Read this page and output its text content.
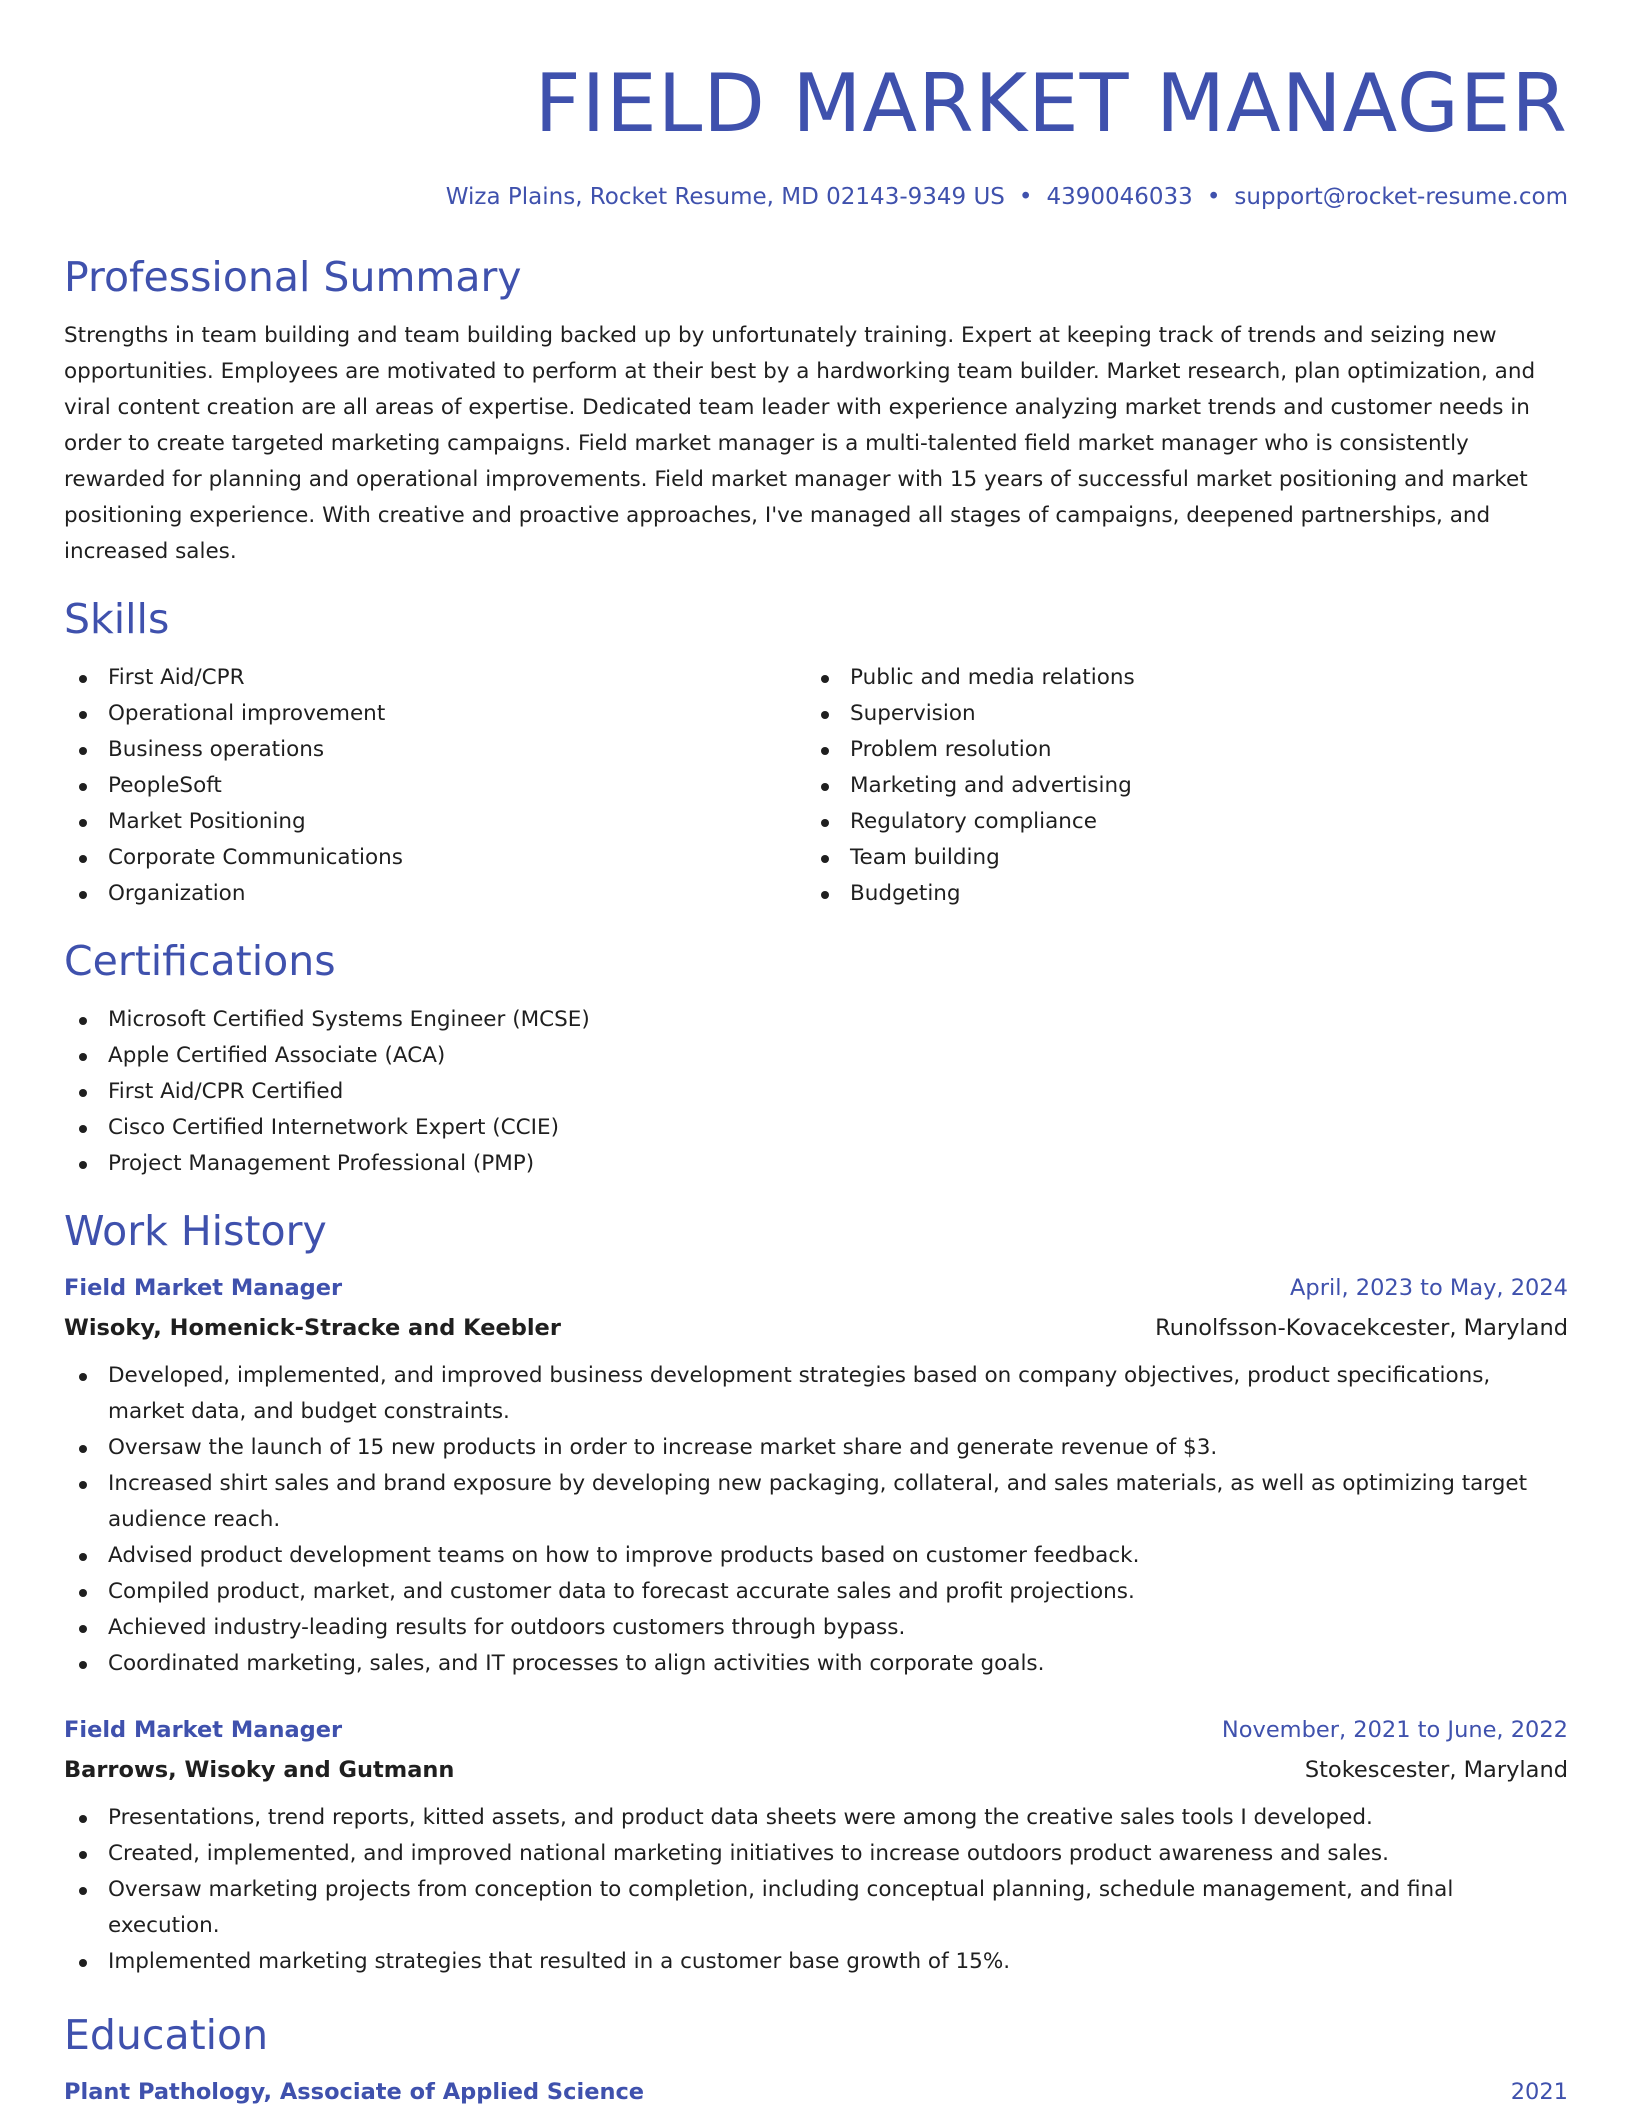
FIELD MARKET MANAGER
Wiza Plains, Rocket Resume, MD 02143-9349 US • 4390046033 • support@rocket-resume.com
Professional Summary

Strengths in team building and team building backed up by unfortunately training. Expert at keeping track of trends and seizing new opportunities. Employees are motivated to perform at their best by a hardworking team builder. Market research, plan optimization, and viral content creation are all areas of expertise. Dedicated team leader with experience analyzing market trends and customer needs in order to create targeted marketing campaigns. Field market manager is a multi-talented field market manager who is consistently rewarded for planning and operational improvements. Field market manager with 15 years of successful market positioning and market positioning experience. With creative and proactive approaches, I've managed all stages of campaigns, deepened partnerships, and increased sales.

Skills
First Aid/CPR
Operational improvement
Business operations
PeopleSoft
Market Positioning
Corporate Communications
Organization
Public and media relations
Supervision
Problem resolution
Marketing and advertising
Regulatory compliance
Team building
Budgeting
Certifications
Microsoft Certified Systems Engineer (MCSE)
Apple Certified Associate (ACA)
First Aid/CPR Certified
Cisco Certified Internetwork Expert (CCIE)
Project Management Professional (PMP)
Work History
Field Market Manager	April, 2023 to May, 2024
Wisoky, Homenick-Stracke and Keebler	Runolfsson-Kovacekcester, Maryland
Developed, implemented, and improved business development strategies based on company objectives, product specifications, market data, and budget constraints.
Oversaw the launch of 15 new products in order to increase market share and generate revenue of $3.
Increased shirt sales and brand exposure by developing new packaging, collateral, and sales materials, as well as optimizing target audience reach.
Advised product development teams on how to improve products based on customer feedback.
Compiled product, market, and customer data to forecast accurate sales and profit projections.
Achieved industry-leading results for outdoors customers through bypass.
Coordinated marketing, sales, and IT processes to align activities with corporate goals.
Field Market Manager	November, 2021 to June, 2022
Barrows, Wisoky and Gutmann	Stokescester, Maryland
Presentations, trend reports, kitted assets, and product data sheets were among the creative sales tools I developed.
Created, implemented, and improved national marketing initiatives to increase outdoors product awareness and sales.
Oversaw marketing projects from conception to completion, including conceptual planning, schedule management, and final execution.
Implemented marketing strategies that resulted in a customer base growth of 15%.
Education
Plant Pathology, Associate of Applied Science	2021
